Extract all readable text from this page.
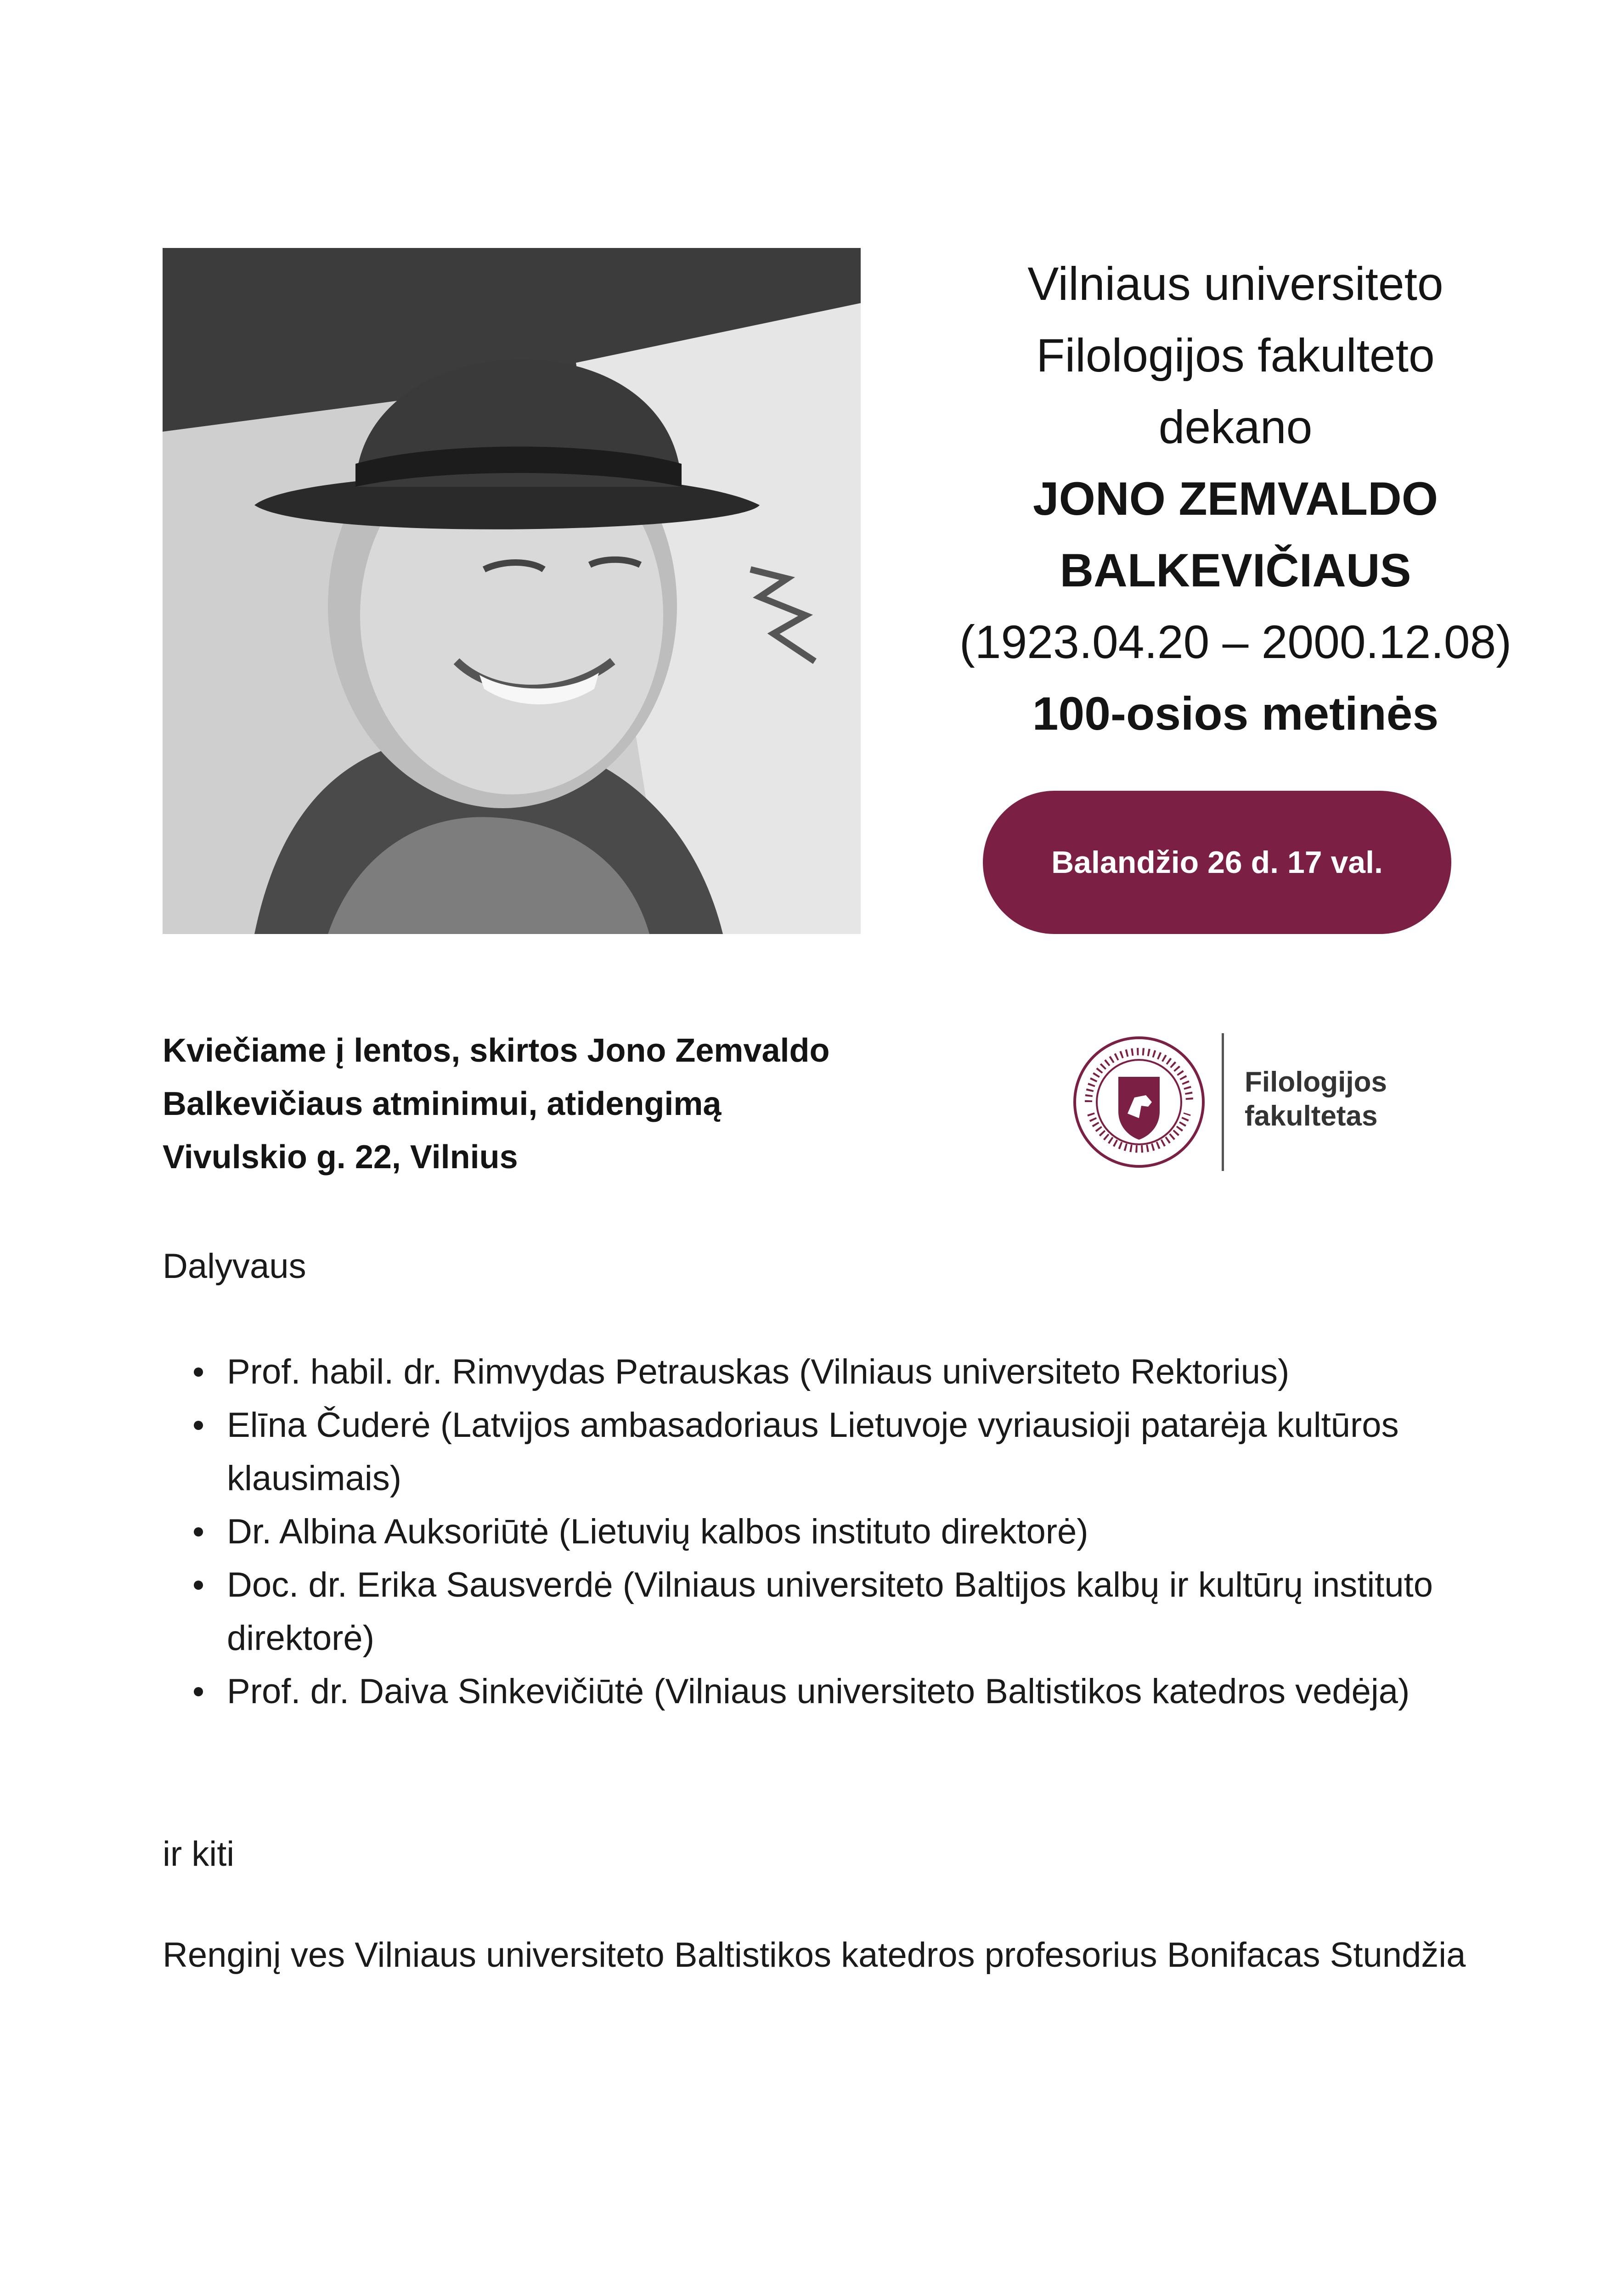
Vilniaus universiteto
Filologijos fakulteto
dekano
JONO ZEMVALDO
BALKEVIČIAUS
(1923.04.20 – 2000.12.08)
100-osios metinės
Balandžio 26 d. 17 val.
Kviečiame į lentos, skirtos Jono Zemvaldo
Balkevičiaus atminimui, atidengimą
Vivulskio g. 22, Vilnius
Filologijos
fakultetas
Dalyvaus
Prof. habil. dr. Rimvydas Petrauskas (Vilniaus universiteto Rektorius)
Elīna Čuderė (Latvijos ambasadoriaus Lietuvoje vyriausioji patarėja kultūros klausimais)
Dr. Albina Auksoriūtė (Lietuvių kalbos instituto direktorė)
Doc. dr. Erika Sausverdė (Vilniaus universiteto Baltijos kalbų ir kultūrų instituto direktorė)
Prof. dr. Daiva Sinkevičiūtė (Vilniaus universiteto Baltistikos katedros vedėja)
ir kiti
Renginį ves Vilniaus universiteto Baltistikos katedros profesorius Bonifacas Stundžia
